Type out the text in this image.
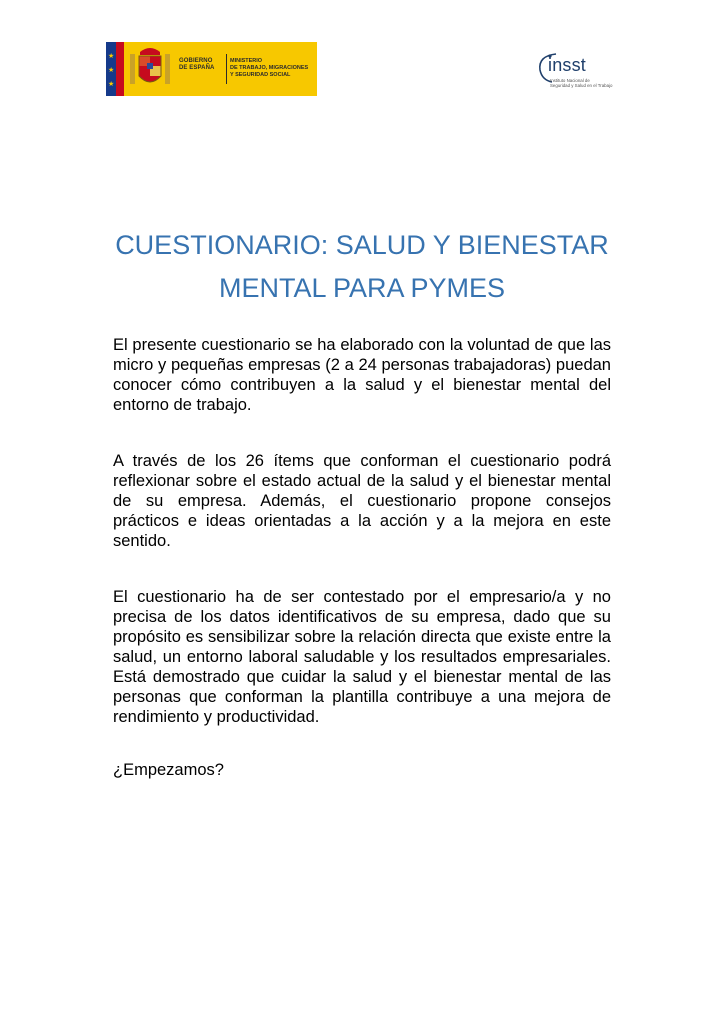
★
★
★
GOBIERNO
DE ESPAÑA
MINISTERIO
DE TRABAJO, MIGRACIONES
Y SEGURIDAD SOCIAL	insst
Instituto Nacional de
Seguridad y Salud en el Trabajo
CUESTIONARIO: SALUD Y BIENESTAR MENTAL PARA PYMES

El presente cuestionario se ha elaborado con la voluntad de que las micro y pequeñas empresas (2 a 24 personas trabajadoras) puedan conocer cómo contribuyen a la salud y el bienestar mental del entorno de trabajo.

A través de los 26 ítems que conforman el cuestionario podrá reflexionar sobre el estado actual de la salud y el bienestar mental de su empresa. Además, el cuestionario propone consejos prácticos e ideas orientadas a la acción y a la mejora en este sentido.

El cuestionario ha de ser contestado por el empresario/a y no precisa de los datos identificativos de su empresa, dado que su propósito es sensibilizar sobre la relación directa que existe entre la salud, un entorno laboral saludable y los resultados empresariales. Está demostrado que cuidar la salud y el bienestar mental de las personas que conforman la plantilla contribuye a una mejora de rendimiento y productividad.

¿Empezamos?
